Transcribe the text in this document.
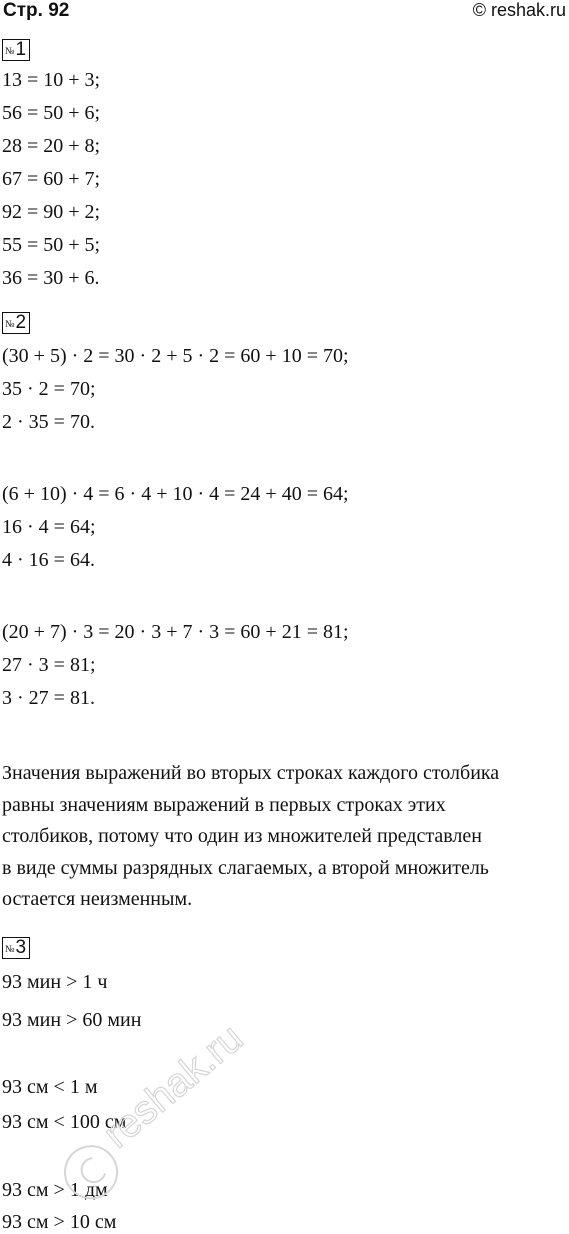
Стр. 92	© reshak.ru
№ 1
13 = 10 + 3;
56 = 50 + 6;
28 = 20 + 8;
67 = 60 + 7;
92 = 90 + 2;
55 = 50 + 5;
36 = 30 + 6.
№ 2
(30 + 5) · 2 = 30 · 2 + 5 · 2 = 60 + 10 = 70;
35 · 2 = 70;
2 · 35 = 70.
(6 + 10) · 4 = 6 · 4 + 10 · 4 = 24 + 40 = 64;
16 · 4 = 64;
4 · 16 = 64.
(20 + 7) · 3 = 20 · 3 + 7 · 3 = 60 + 21 = 81;
27 · 3 = 81;
3 · 27 = 81.
Значения выражений во вторых строках каждого столбика
равны значениям выражений в первых строках этих
столбиков, потому что один из множителей представлен
в виде суммы разрядных слагаемых, а второй множитель
остается неизменным.
№ 3
93 мин > 1 ч
93 мин > 60 мин
93 см < 1 м
93 см < 100 см
93 см > 1 дм
93 см > 10 см
reshak.ru
